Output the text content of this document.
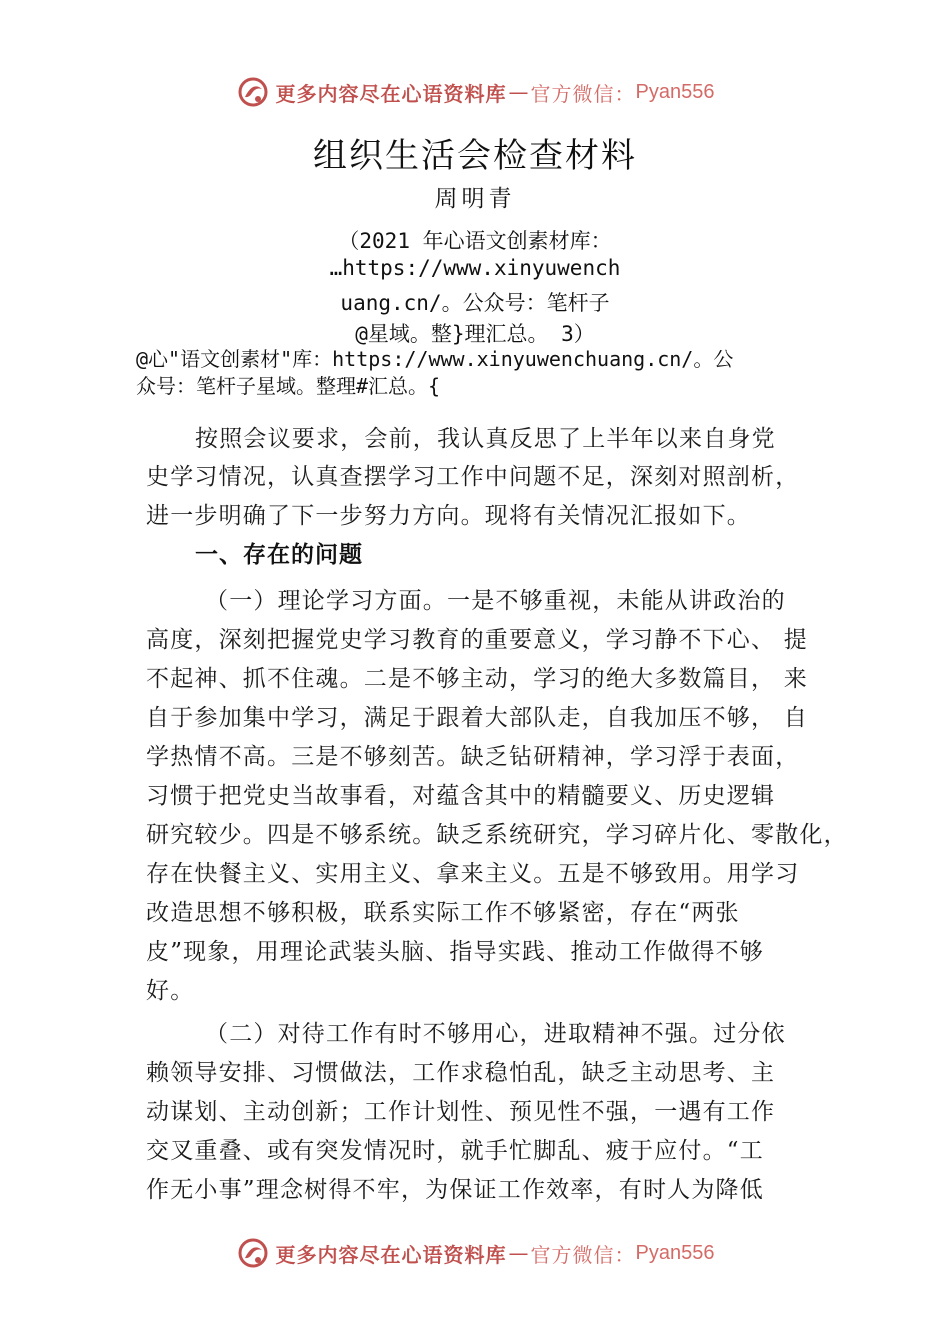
更多内容尽在心语资料库 — 官方微信： Pyan556
组织生活会检查材料
周明青
（2021 年心语文创素材库：
…https://www.xinyuwench
uang.cn/。公众号：笔杆子
@星域。整}理汇总。 3）
@心"语文创素材"库：https://www.xinyuwenchuang.cn/。公
众号：笔杆子星域。整理#汇总。{
按照会议要求，会前，我认真反思了上半年以来自身党
史学习情况，认真查摆学习工作中问题不足，深刻对照剖析，
进一步明确了下一步努力方向。现将有关情况汇报如下。
一、存在的问题
（一）理论学习方面。一是不够重视，未能从讲政治的
高度，深刻把握党史学习教育的重要意义，学习静不下心、 提
不起神、抓不住魂。二是不够主动，学习的绝大多数篇目， 来
自于参加集中学习，满足于跟着大部队走，自我加压不够， 自
学热情不高。三是不够刻苦。缺乏钻研精神，学习浮于表面，
习惯于把党史当故事看，对蕴含其中的精髓要义、历史逻辑
研究较少。四是不够系统。缺乏系统研究，学习碎片化、零散化，
存在快餐主义、实用主义、拿来主义。五是不够致用。用学习
改造思想不够积极，联系实际工作不够紧密，存在“两张
皮”现象，用理论武装头脑、指导实践、推动工作做得不够
好。
（二）对待工作有时不够用心，进取精神不强。过分依
赖领导安排、习惯做法，工作求稳怕乱，缺乏主动思考、主
动谋划、主动创新；工作计划性、预见性不强，一遇有工作
交叉重叠、或有突发情况时，就手忙脚乱、疲于应付。“工
作无小事”理念树得不牢，为保证工作效率，有时人为降低
更多内容尽在心语资料库 — 官方微信： Pyan556
